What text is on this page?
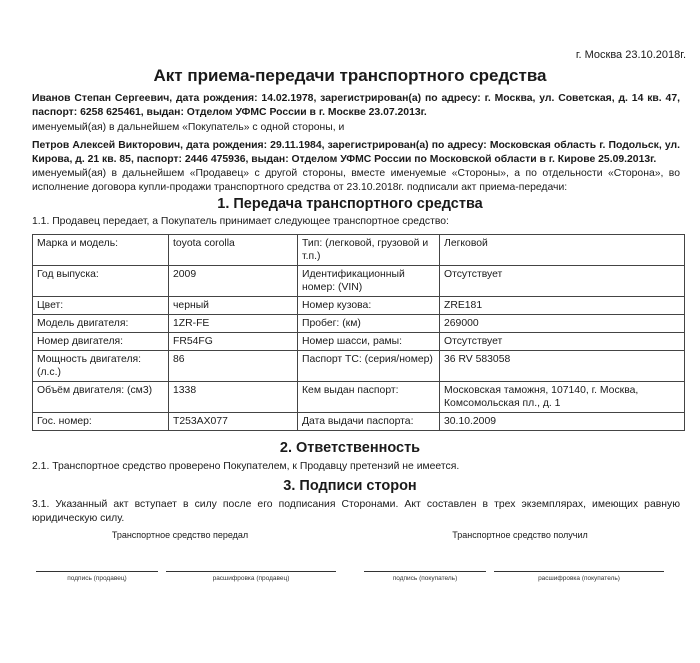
г. Москва 23.10.2018г.
Акт приема-передачи транспортного средства
Иванов Степан Сергеевич, дата рождения: 14.02.1978, зарегистрирован(а) по адресу: г. Москва, ул. Советская, д. 14 кв. 47, паспорт: 6258 625461, выдан: Отделом УФМС России в г. Москве 23.07.2013г.
именуемый(ая) в дальнейшем «Покупатель» с одной стороны, и
Петров Алексей Викторович, дата рождения: 29.11.1984, зарегистрирован(а) по адресу: Московская область г. Подольск, ул. Кирова, д. 21 кв. 85, паспорт: 2446 475936, выдан: Отделом УФМС России по Московской области в г. Кирове 25.09.2013г.
именуемый(ая) в дальнейшем «Продавец» с другой стороны, вместе именуемые «Стороны», а по отдельности «Сторона», во исполнение договора купли-продажи транспортного средства от 23.10.2018г. подписали акт приема-передачи:
1. Передача транспортного средства
1.1. Продавец передает, а Покупатель принимает следующее транспортное средство:
Марка и модель:	toyota corolla	Тип: (легковой, грузовой и т.п.)	Легковой
Год выпуска:	2009	Идентификационный номер: (VIN)	Отсутствует
Цвет:	черный	Номер кузова:	ZRE181
Модель двигателя:	1ZR-FE	Пробег: (км)	269000
Номер двигателя:	FR54FG	Номер шасси, рамы:	Отсутствует
Мощность двигателя: (л.с.)	86	Паспорт ТС: (серия/номер)	36 RV 583058
Объём двигателя: (см3)	1338	Кем выдан паспорт:	Московская таможня, 107140, г. Москва, Комсомольская пл., д. 1
Гос. номер:	T253AX077	Дата выдачи паспорта:	30.10.2009
2. Ответственность
2.1. Транспортное средство проверено Покупателем, к Продавцу претензий не имеется.
3. Подписи сторон
3.1. Указанный акт вступает в силу после его подписания Сторонами. Акт составлен в трех экземплярах, имеющих равную юридическую силу.
Транспортное средство передал	Транспортное средство получил
подпись (продавец)	расшифровка (продавец)	подпись (покупатель)	расшифровка (покупатель)
